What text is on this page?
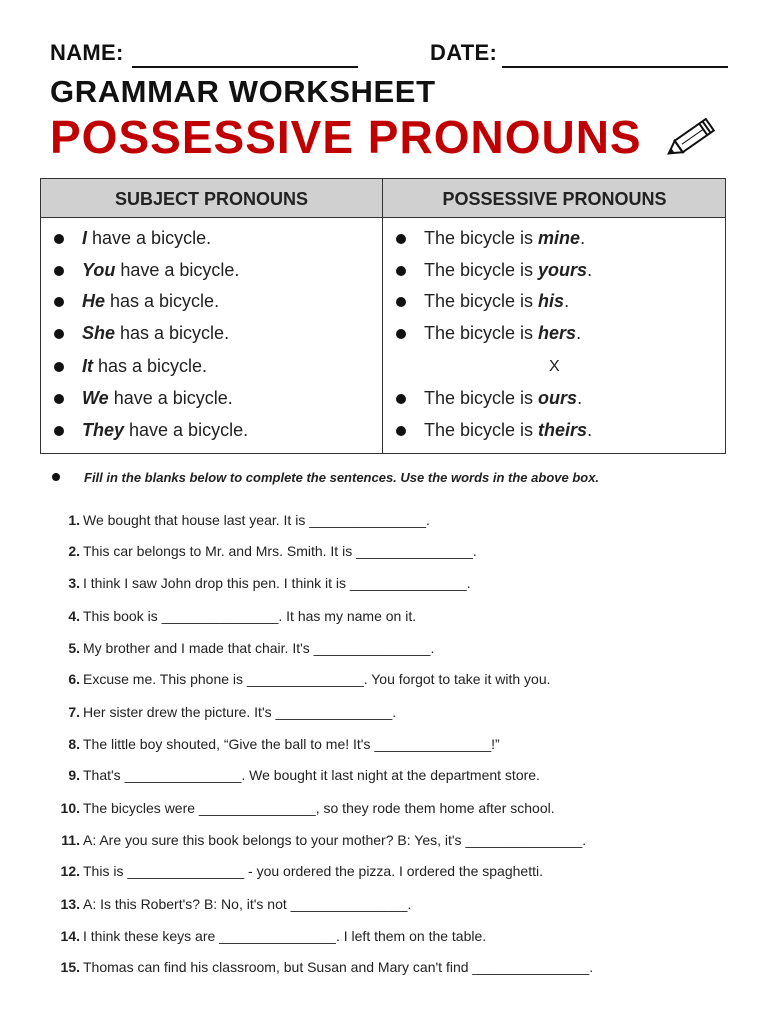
NAME:	DATE:
GRAMMAR WORKSHEET
POSSESSIVE PRONOUNS
SUBJECT PRONOUNS	POSSESSIVE PRONOUNS
I have a bicycle.
You have a bicycle.
He has a bicycle.
She has a bicycle.
It has a bicycle.
We have a bicycle.
They have a bicycle.
The bicycle is mine.
The bicycle is yours.
The bicycle is his.
The bicycle is hers.
X
The bicycle is ours.
The bicycle is theirs.
Fill in the blanks below to complete the sentences. Use the words in the above box.
1. We bought that house last year. It is _______________.
2. This car belongs to Mr. and Mrs. Smith. It is _______________.
3. I think I saw John drop this pen. I think it is _______________.
4. This book is _______________. It has my name on it.
5. My brother and I made that chair. It's _______________.
6. Excuse me. This phone is _______________. You forgot to take it with you.
7. Her sister drew the picture. It's _______________.
8. The little boy shouted, “Give the ball to me! It's _______________!”
9. That's _______________. We bought it last night at the department store.
10. The bicycles were _______________, so they rode them home after school.
11. A: Are you sure this book belongs to your mother? B: Yes, it's _______________.
12. This is _______________ - you ordered the pizza. I ordered the spaghetti.
13. A: Is this Robert's? B: No, it's not _______________.
14. I think these keys are _______________. I left them on the table.
15. Thomas can find his classroom, but Susan and Mary can't find _______________.
